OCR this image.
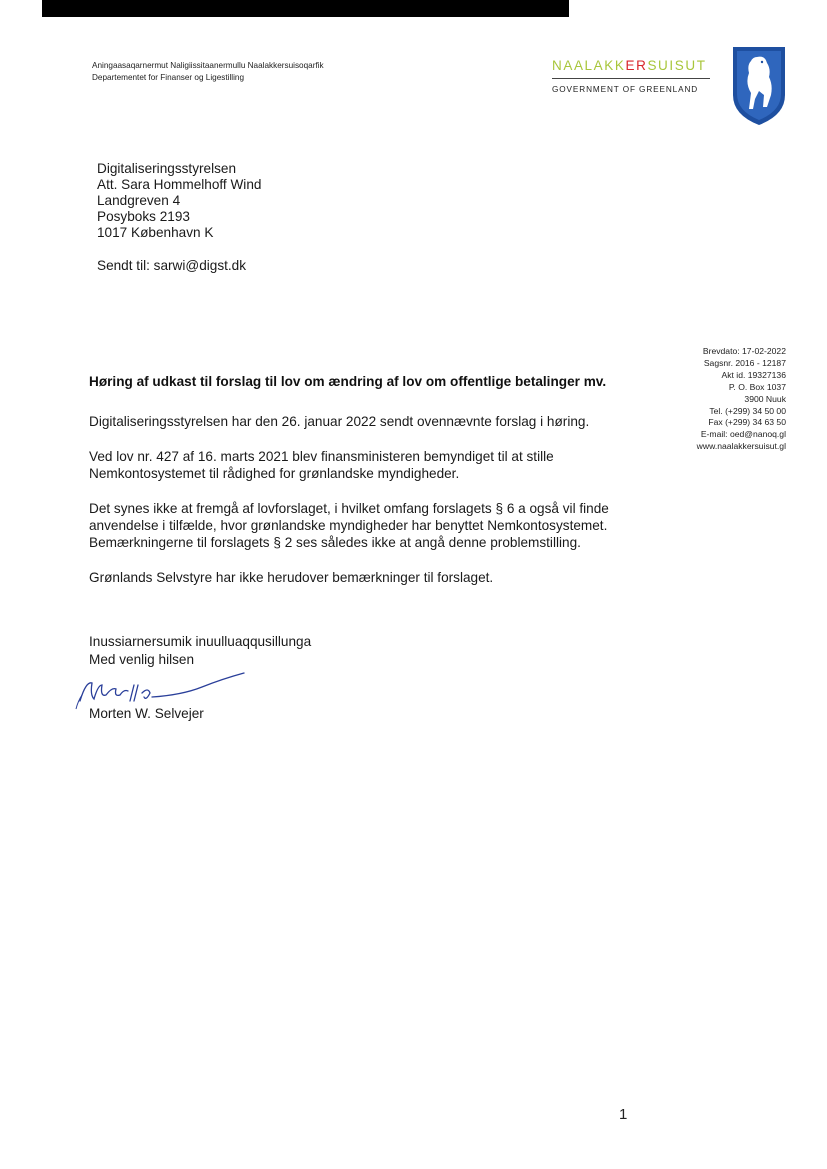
Aningaasaqarnermut Naligiissitaanermullu Naalakkersuisoqarfik
Departementet for Finanser og Ligestilling
NAALAKKERSUISUT
GOVERNMENT OF GREENLAND
Digitaliseringsstyrelsen
Att. Sara Hommelhoff Wind
Landgreven 4
Posyboks 2193
1017 København K
Sendt til: sarwi@digst.dk
Brevdato: 17-02-2022
Sagsnr. 2016 - 12187
Akt id. 19327136
P. O. Box 1037
3900 Nuuk
Tel. (+299) 34 50 00
Fax (+299) 34 63 50
E-mail: oed@nanoq.gl
www.naalakkersuisut.gl
Høring af udkast til forslag til lov om ændring af lov om offentlige betalinger mv.

Digitaliseringsstyrelsen har den 26. januar 2022 sendt ovennævnte forslag i høring.

Ved lov nr. 427 af 16. marts 2021 blev finansministeren bemyndiget til at stille Nemkontosystemet til rådighed for grønlandske myndigheder.

Det synes ikke at fremgå af lovforslaget, i hvilket omfang forslagets § 6 a også vil finde anvendelse i tilfælde, hvor grønlandske myndigheder har benyttet Nemkontosystemet. Bemærkningerne til forslagets § 2 ses således ikke at angå denne problemstilling.

Grønlands Selvstyre har ikke herudover bemærkninger til forslaget.

Inussiarnersumik inuulluaqqusillunga
Med venlig hilsen
Morten W. Selvejer
1
